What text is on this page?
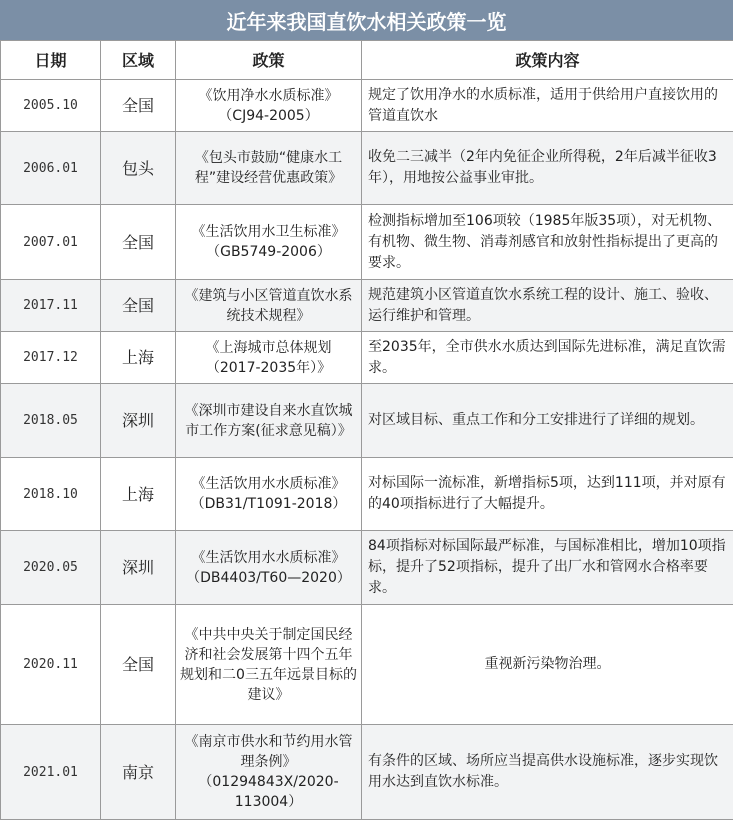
近年来我国直饮水相关政策一览
日期	区域	政策	政策内容
2005.10	全国	《饮用净水水质标准》（CJ94-2005）	规定了饮用净水的水质标准，适用于供给用户直接饮用的管道直饮水
2006.01	包头	《包头市鼓励“健康水工程”建设经营优惠政策》	收免二三减半（2年内免征企业所得税，2年后减半征收3年），用地按公益事业审批。
2007.01	全国	《生活饮用水卫生标准》（GB5749-2006）	检测指标增加至106项较（1985年版35项），对无机物、有机物、微生物、消毒剂感官和放射性指标提出了更高的要求。
2017.11	全国	《建筑与小区管道直饮水系统技术规程》	规范建筑小区管道直饮水系统工程的设计、施工、验收、运行维护和管理。
2017.12	上海	《上海城市总体规划（2017-2035年）》	至2035年，全市供水水质达到国际先进标准，满足直饮需求。
2018.05	深圳	《深圳市建设自来水直饮城市工作方案(征求意见稿）》	对区域目标、重点工作和分工安排进行了详细的规划。
2018.10	上海	《生活饮用水水质标准》（DB31/T1091-2018）	对标国际一流标准，新增指标5项，达到111项，并对原有的40项指标进行了大幅提升。
2020.05	深圳	《生活饮用水水质标准》（DB4403/T60—2020）	84项指标对标国际最严标准，与国标准相比，增加10项指标，提升了52项指标，提升了出厂水和管网水合格率要求。
2020.11	全国	《中共中央关于制定国民经济和社会发展第十四个五年规划和二0三五年远景目标的建议》	重视新污染物治理。
2021.01	南京	《南京市供水和节约用水管理条例》（01294843X/2020-113004）	有条件的区域、场所应当提高供水设施标准，逐步实现饮用水达到直饮水标准。
